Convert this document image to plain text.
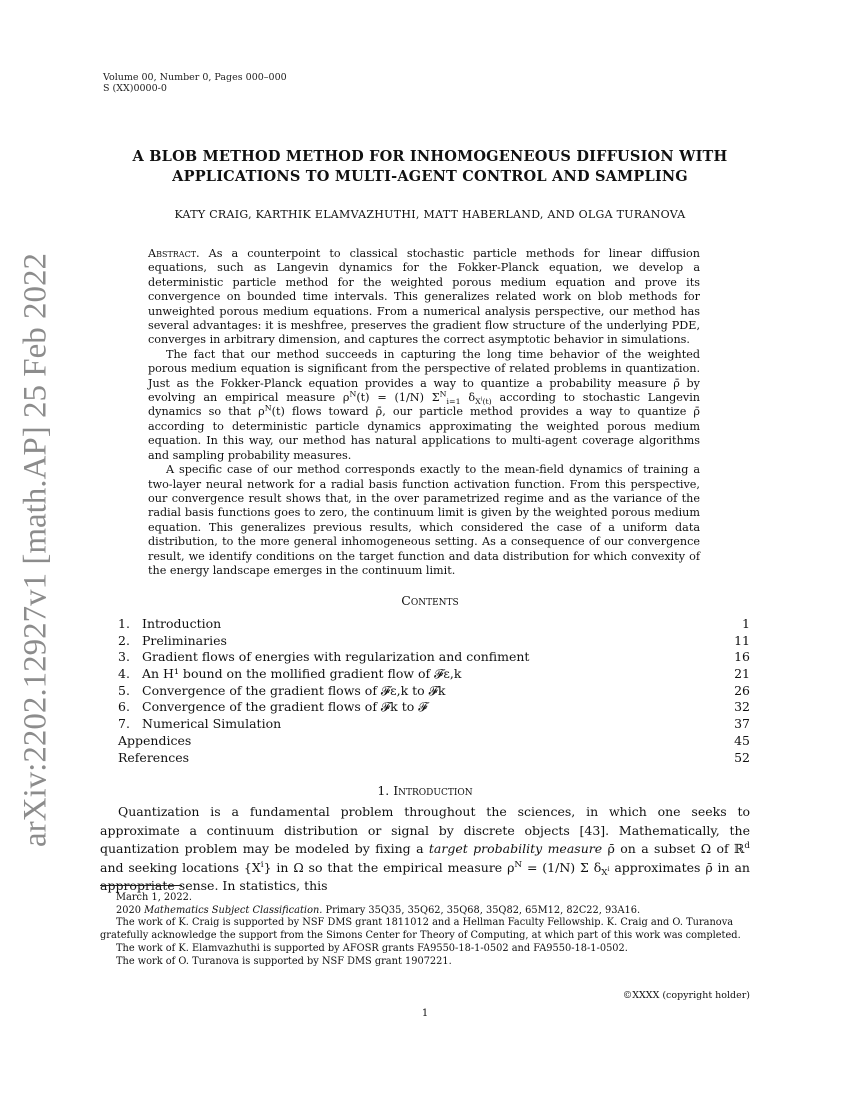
Volume 00, Number 0, Pages 000–000
S (XX)0000-0
arXiv:2202.12927v1 [math.AP] 25 Feb 2022
A BLOB METHOD METHOD FOR INHOMOGENEOUS DIFFUSION WITH
APPLICATIONS TO MULTI-AGENT CONTROL AND SAMPLING
KATY CRAIG, KARTHIK ELAMVAZHUTHI, MATT HABERLAND, AND OLGA TURANOVA

Abstract. As a counterpoint to classical stochastic particle methods for linear diffusion equations, such as Langevin dynamics for the Fokker-Planck equation, we develop a deterministic particle method for the weighted porous medium equation and prove its convergence on bounded time intervals. This generalizes related work on blob methods for unweighted porous medium equations. From a numerical analysis perspective, our method has several advantages: it is meshfree, preserves the gradient flow structure of the underlying PDE, converges in arbitrary dimension, and captures the correct asymptotic behavior in simulations.

The fact that our method succeeds in capturing the long time behavior of the weighted porous medium equation is significant from the perspective of related problems in quantization. Just as the Fokker-Planck equation provides a way to quantize a probability measure ρ̄ by evolving an empirical measure $\rho^N(t) = (1/N)$ $\Sigma^N_{i=1}$ $\delta_{X^i(t)}$ according to stochastic Langevin dynamics so that $\rho^N(t)$ flows toward ρ̄, our particle method provides a way to quantize ρ̄ according to deterministic particle dynamics approximating the weighted porous medium equation. In this way, our method has natural applications to multi-agent coverage algorithms and sampling probability measures.

A specific case of our method corresponds exactly to the mean-field dynamics of training a two-layer neural network for a radial basis function activation function. From this perspective, our convergence result shows that, in the over parametrized regime and as the variance of the radial basis functions goes to zero, the continuum limit is given by the weighted porous medium equation. This generalizes previous results, which considered the case of a uniform data distribution, to the more general inhomogeneous setting. As a consequence of our convergence result, we identify conditions on the target function and data distribution for which convexity of the energy landscape emerges in the continuum limit.

Contents
1. Introduction	1
2. Preliminaries	11
3. Gradient flows of energies with regularization and confiment	16
4. An H¹ bound on the mollified gradient flow of 𝓕ε,k	21
5. Convergence of the gradient flows of 𝓕ε,k to 𝓕k	26
6. Convergence of the gradient flows of 𝓕k to 𝓕	32
7. Numerical Simulation	37
Appendices	45
References	52
1. Introduction

Quantization is a fundamental problem throughout the sciences, in which one seeks to approximate a continuum distribution or signal by discrete objects [43]. Mathematically, the quantization problem may be modeled by fixing a target probability measure ρ̄ on a subset Ω of ℝ$^d$ and seeking locations $\{X^i\}$ in Ω so that the empirical measure $\rho^N = (1/N)$ Σ $\delta_{X^i}$ approximates ρ̄ in an appropriate sense. In statistics, this

March 1, 2022.

2020 Mathematics Subject Classification. Primary 35Q35, 35Q62, 35Q68, 35Q82, 65M12, 82C22, 93A16.

The work of K. Craig is supported by NSF DMS grant 1811012 and a Hellman Faculty Fellowship. K. Craig and O. Turanova gratefully acknowledge the support from the Simons Center for Theory of Computing, at which part of this work was completed.

The work of K. Elamvazhuthi is supported by AFOSR grants FA9550-18-1-0502 and FA9550-18-1-0502.

The work of O. Turanova is supported by NSF DMS grant 1907221.

©XXXX (copyright holder)
1
